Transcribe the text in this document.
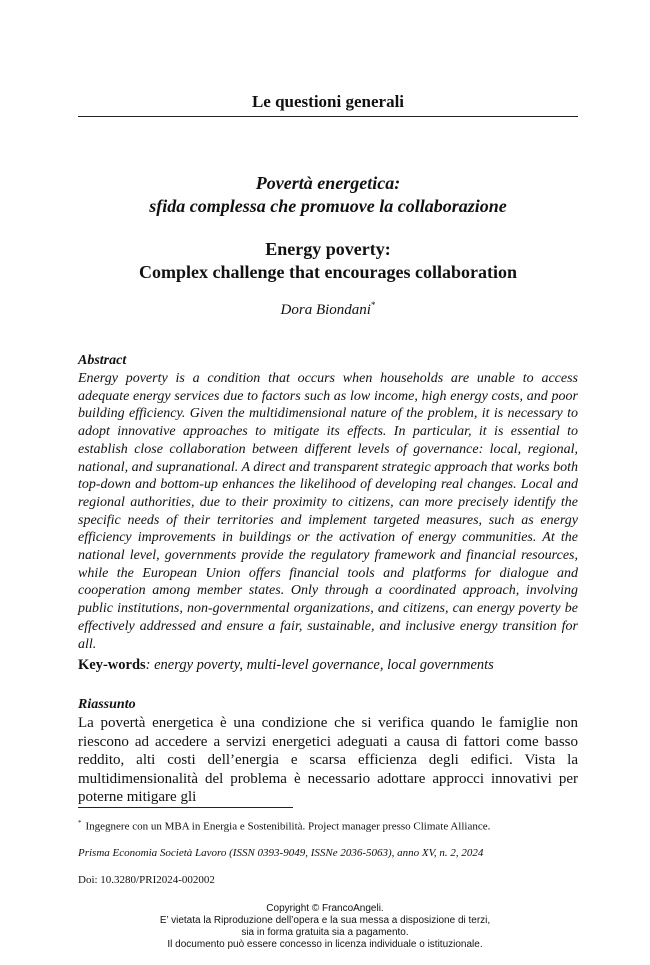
Le questioni generali
Povertà energetica:
sfida complessa che promuove la collaborazione
Energy poverty:
Complex challenge that encourages collaboration
Dora Biondani*
Abstract

Energy poverty is a condition that occurs when households are unable to access adequate energy services due to factors such as low income, high energy costs, and poor building efficiency. Given the multidimensional nature of the problem, it is necessary to adopt innovative approaches to mitigate its effects. In particular, it is essential to establish close collaboration between different levels of governance: local, regional, national, and supranational. A direct and transparent strategic approach that works both top-down and bottom-up enhances the likelihood of developing real changes. Local and regional authorities, due to their proximity to citizens, can more precisely identify the specific needs of their territories and implement targeted measures, such as energy efficiency improvements in buildings or the activation of energy communities. At the national level, governments provide the regulatory framework and financial resources, while the European Union offers financial tools and platforms for dialogue and cooperation among member states. Only through a coordinated approach, involving public institutions, non-governmental organizations, and citizens, can energy poverty be effectively addressed and ensure a fair, sustainable, and inclusive energy transition for all.

Key-words: energy poverty, multi-level governance, local governments
Riassunto

La povertà energetica è una condizione che si verifica quando le famiglie non riescono ad accedere a servizi energetici adeguati a causa di fattori come basso reddito, alti costi dell’energia e scarsa efficienza degli edifici. Vista la multidimensionalità del problema è necessario adottare approcci innovativi per poterne mitigare gli

* Ingegnere con un MBA in Energia e Sostenibilità. Project manager presso Climate Alliance.
Prisma Economia Società Lavoro (ISSN 0393-9049, ISSNe 2036-5063), anno XV, n. 2, 2024
Doi: 10.3280/PRI2024-002002
Copyright © FrancoAngeli.
E’ vietata la Riproduzione dell’opera e la sua messa a disposizione di terzi,
sia in forma gratuita sia a pagamento.
Il documento può essere concesso in licenza individuale o istituzionale.
